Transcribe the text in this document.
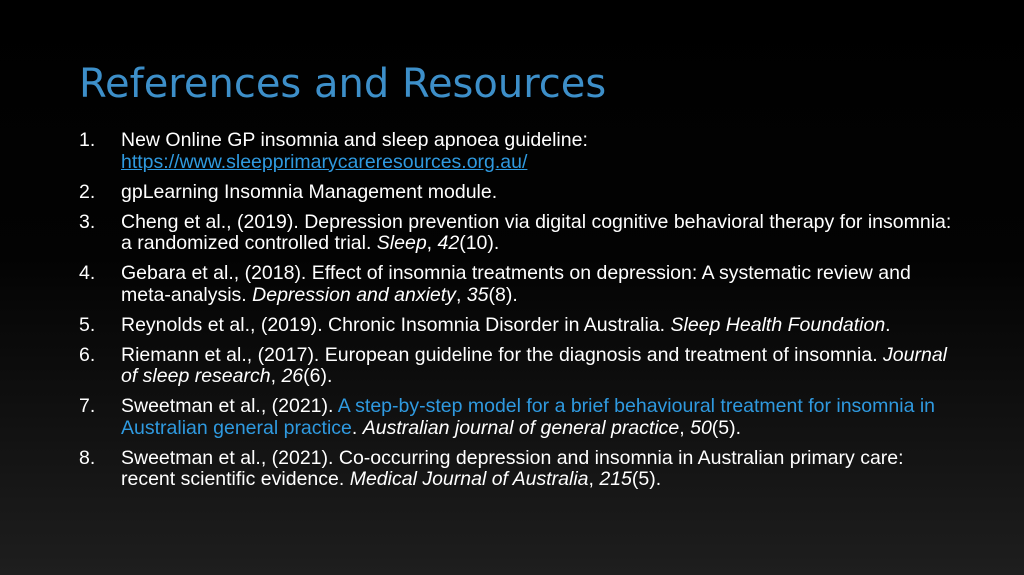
References and Resources
1.	New Online GP insomnia and sleep apnoea guideline:
https://www.sleepprimarycareresources.org.au/
2.	gpLearning Insomnia Management module.
3.	Cheng et al., (2019). Depression prevention via digital cognitive behavioral therapy for insomnia: a randomized controlled trial. Sleep, 42(10).
4.	Gebara et al., (2018). Effect of insomnia treatments on depression: A systematic review and meta-analysis. Depression and anxiety, 35(8).
5.	Reynolds et al., (2019). Chronic Insomnia Disorder in Australia. Sleep Health Foundation.
6.	Riemann et al., (2017). European guideline for the diagnosis and treatment of insomnia. Journal of sleep research, 26(6).
7.	Sweetman et al., (2021). A step-by-step model for a brief behavioural treatment for insomnia in Australian general practice. Australian journal of general practice, 50(5).
8.	Sweetman et al., (2021). Co-occurring depression and insomnia in Australian primary care: recent scientific evidence. Medical Journal of Australia, 215(5).
